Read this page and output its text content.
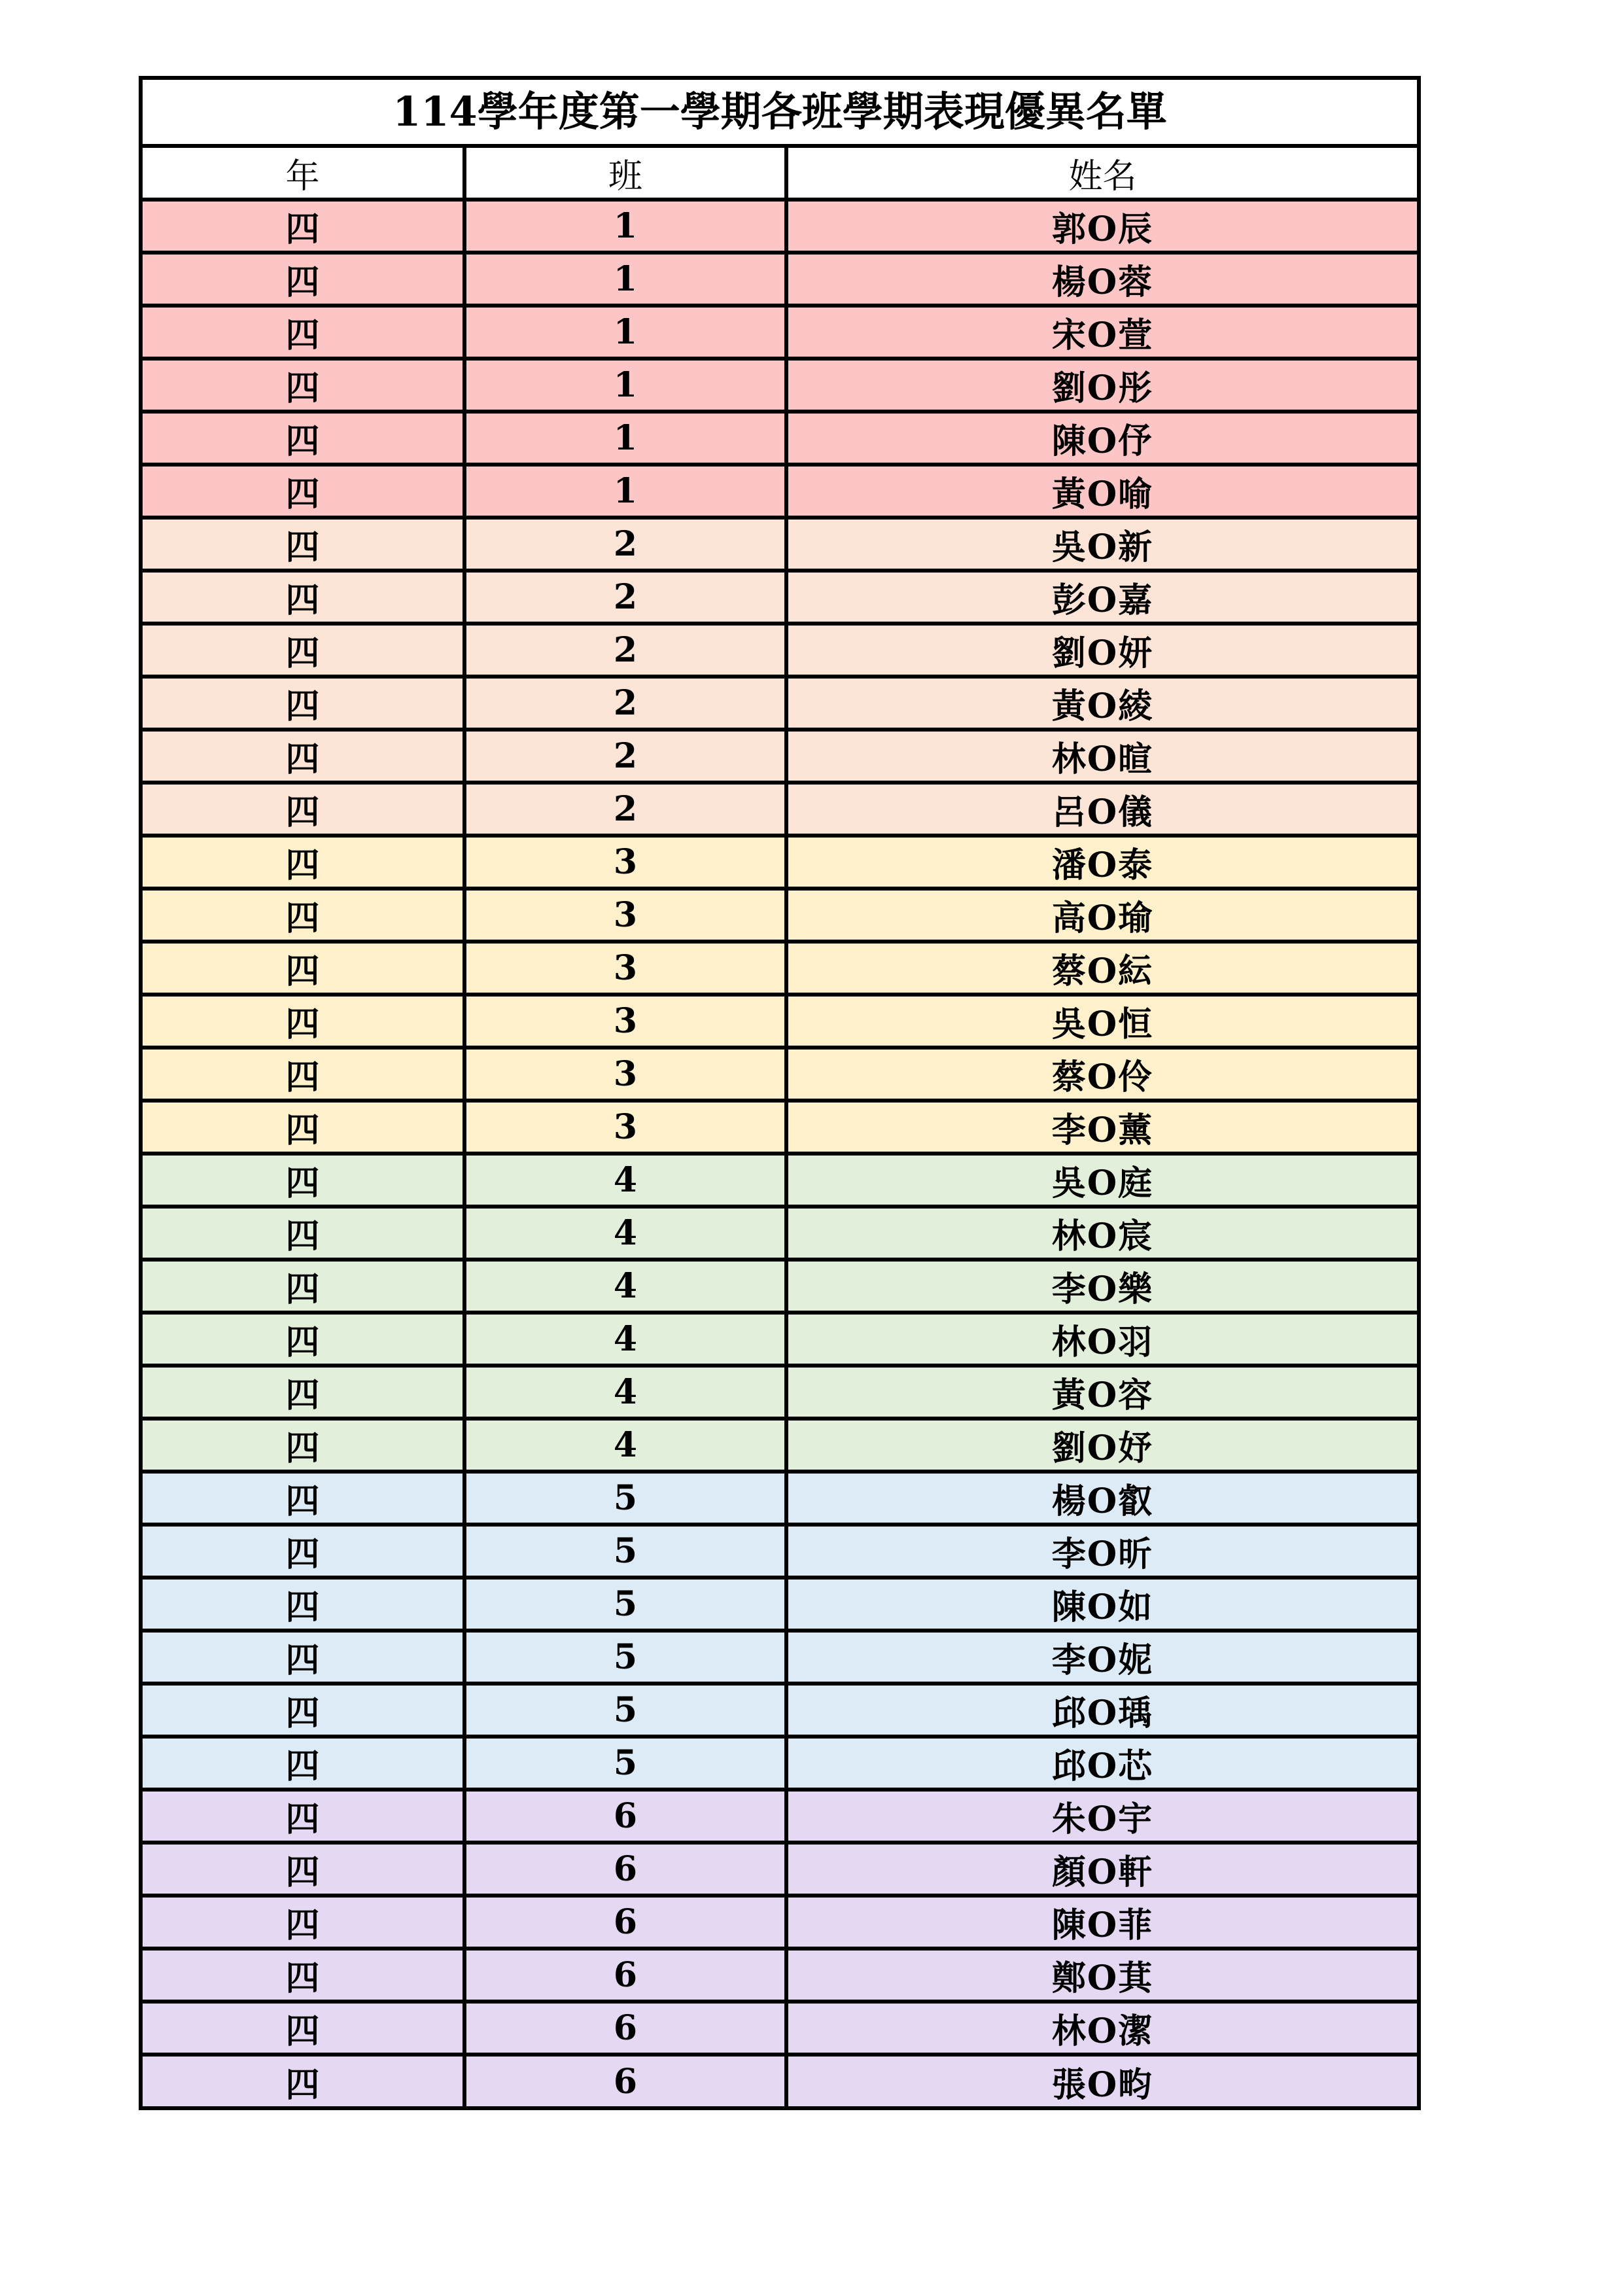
114學年度第一學期各班學期表現優異名單
年	班	姓名
四	1	郭O辰
四	1	楊O蓉
四	1	宋O萱
四	1	劉O彤
四	1	陳O伃
四	1	黃O喻
四	2	吳O新
四	2	彭O嘉
四	2	劉O妍
四	2	黃O綾
四	2	林O暄
四	2	呂O儀
四	3	潘O泰
四	3	高O瑜
四	3	蔡O紜
四	3	吳O恒
四	3	蔡O伶
四	3	李O薰
四	4	吳O庭
四	4	林O宸
四	4	李O樂
四	4	林O羽
四	4	黃O容
四	4	劉O妤
四	5	楊O叡
四	5	李O昕
四	5	陳O如
四	5	李O妮
四	5	邱O瑀
四	5	邱O芯
四	6	朱O宇
四	6	顏O軒
四	6	陳O菲
四	6	鄭O萁
四	6	林O潔
四	6	張O畇
